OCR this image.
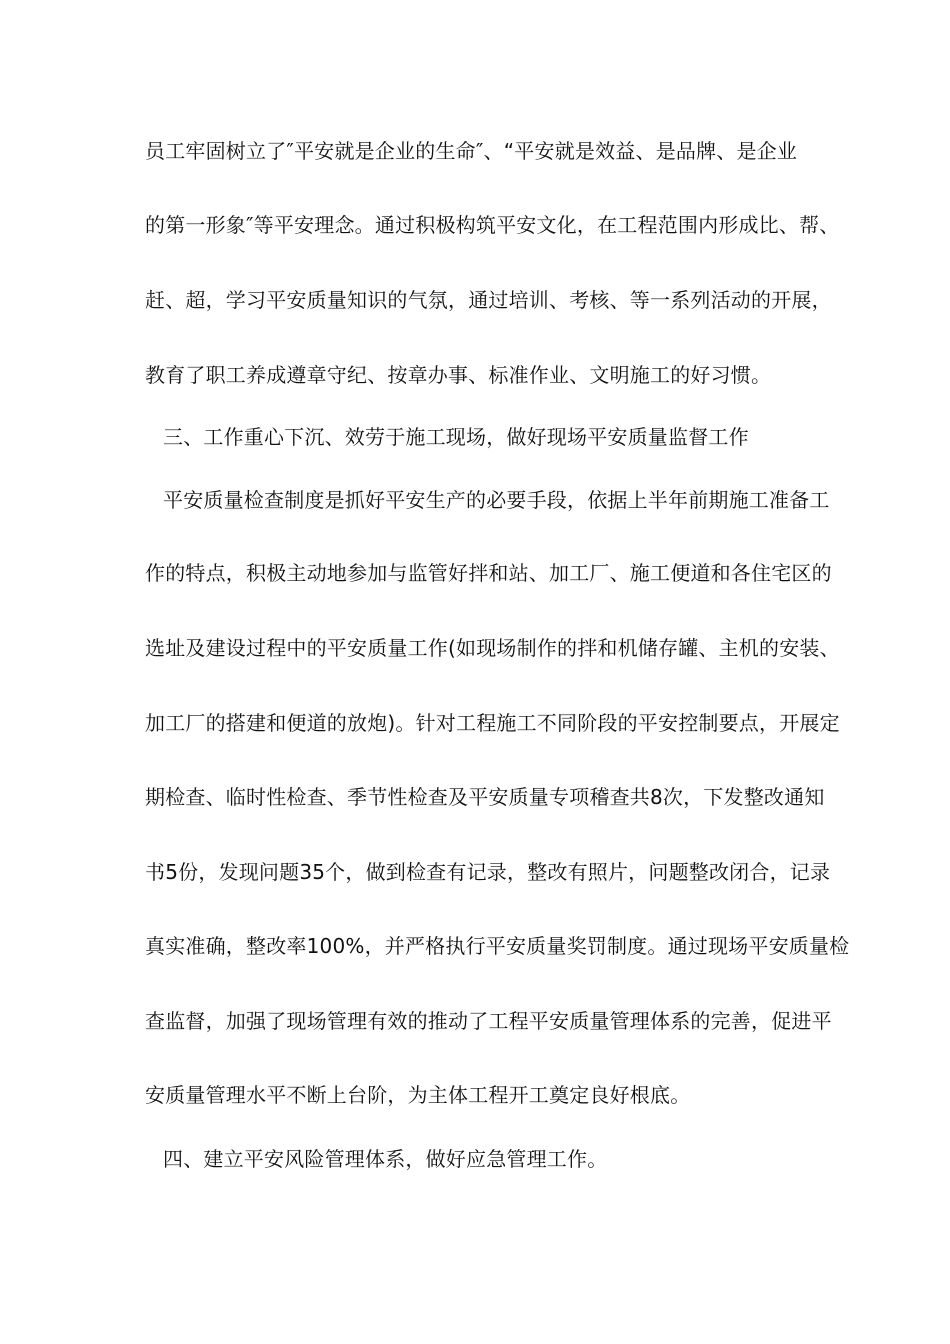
员工牢固树立了″平安就是企业的生命″、“平安就是效益、是品牌、是企业
的第一形象″等平安理念。通过积极构筑平安文化，在工程范围内形成比、帮、
赶、超，学习平安质量知识的气氛，通过培训、考核、等一系列活动的开展，
教育了职工养成遵章守纪、按章办事、标准作业、文明施工的好习惯。
三、工作重心下沉、效劳于施工现场，做好现场平安质量监督工作
平安质量检查制度是抓好平安生产的必要手段，依据上半年前期施工准备工
作的特点，积极主动地参加与监管好拌和站、加工厂、施工便道和各住宅区的
选址及建设过程中的平安质量工作(如现场制作的拌和机储存罐、主机的安装、
加工厂的搭建和便道的放炮)。针对工程施工不同阶段的平安控制要点，开展定
期检查、临时性检查、季节性检查及平安质量专项稽查共8次，下发整改通知
书5份，发现问题35个，做到检查有记录，整改有照片，问题整改闭合，记录
真实准确，整改率100%，并严格执行平安质量奖罚制度。通过现场平安质量检
查监督，加强了现场管理有效的推动了工程平安质量管理体系的完善，促进平
安质量管理水平不断上台阶，为主体工程开工奠定良好根底。
四、建立平安风险管理体系，做好应急管理工作。
